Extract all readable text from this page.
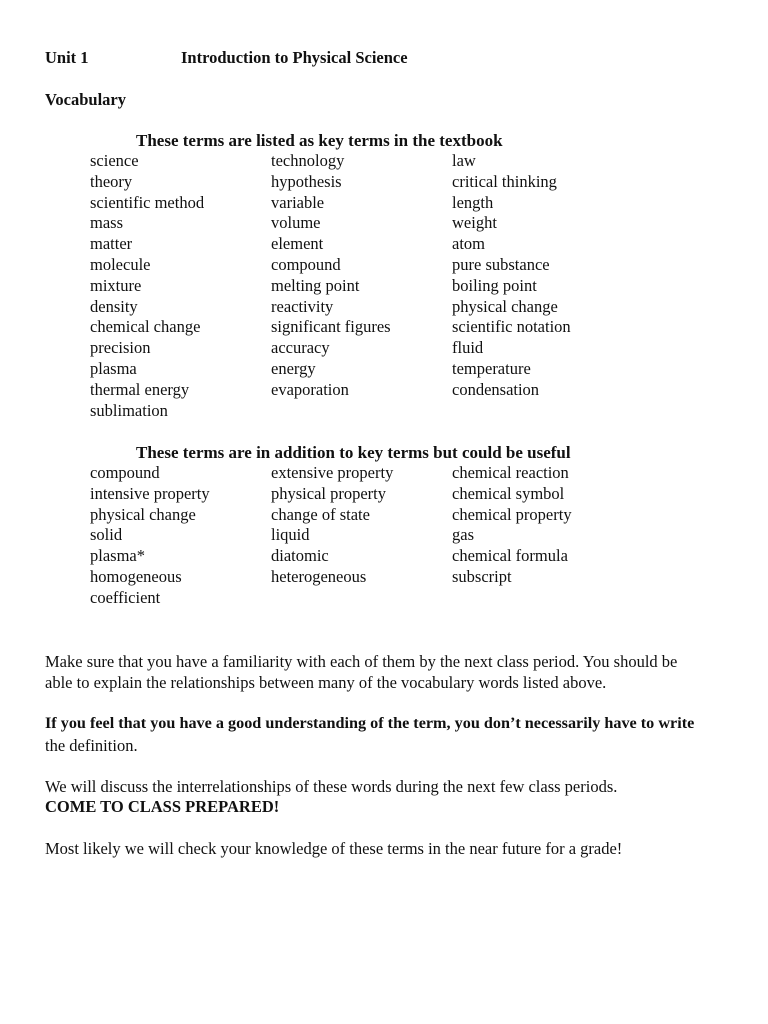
Unit 1	Introduction to Physical Science
Vocabulary
These terms are listed as key terms in the textbook
science	technology	law
theory	hypothesis	critical thinking
scientific method	variable	length
mass	volume	weight
matter	element	atom
molecule	compound	pure substance
mixture	melting point	boiling point
density	reactivity	physical change
chemical change	significant figures	scientific notation
precision	accuracy	fluid
plasma	energy	temperature
thermal energy	evaporation	condensation
sublimation
These terms are in addition to key terms but could be useful
compound	extensive property	chemical reaction
intensive property	physical property	chemical symbol
physical change	change of state	chemical property
solid	liquid	gas
plasma*	diatomic	chemical formula
homogeneous	heterogeneous	subscript
coefficient
Make sure that you have a familiarity with each of them by the next class period. You should be
able to explain the relationships between many of the vocabulary words listed above.
If you feel that you have a good understanding of the term, you don’t necessarily have to write
the definition.
We will discuss the interrelationships of these words during the next few class periods.
COME TO CLASS PREPARED!
Most likely we will check your knowledge of these terms in the near future for a grade!
